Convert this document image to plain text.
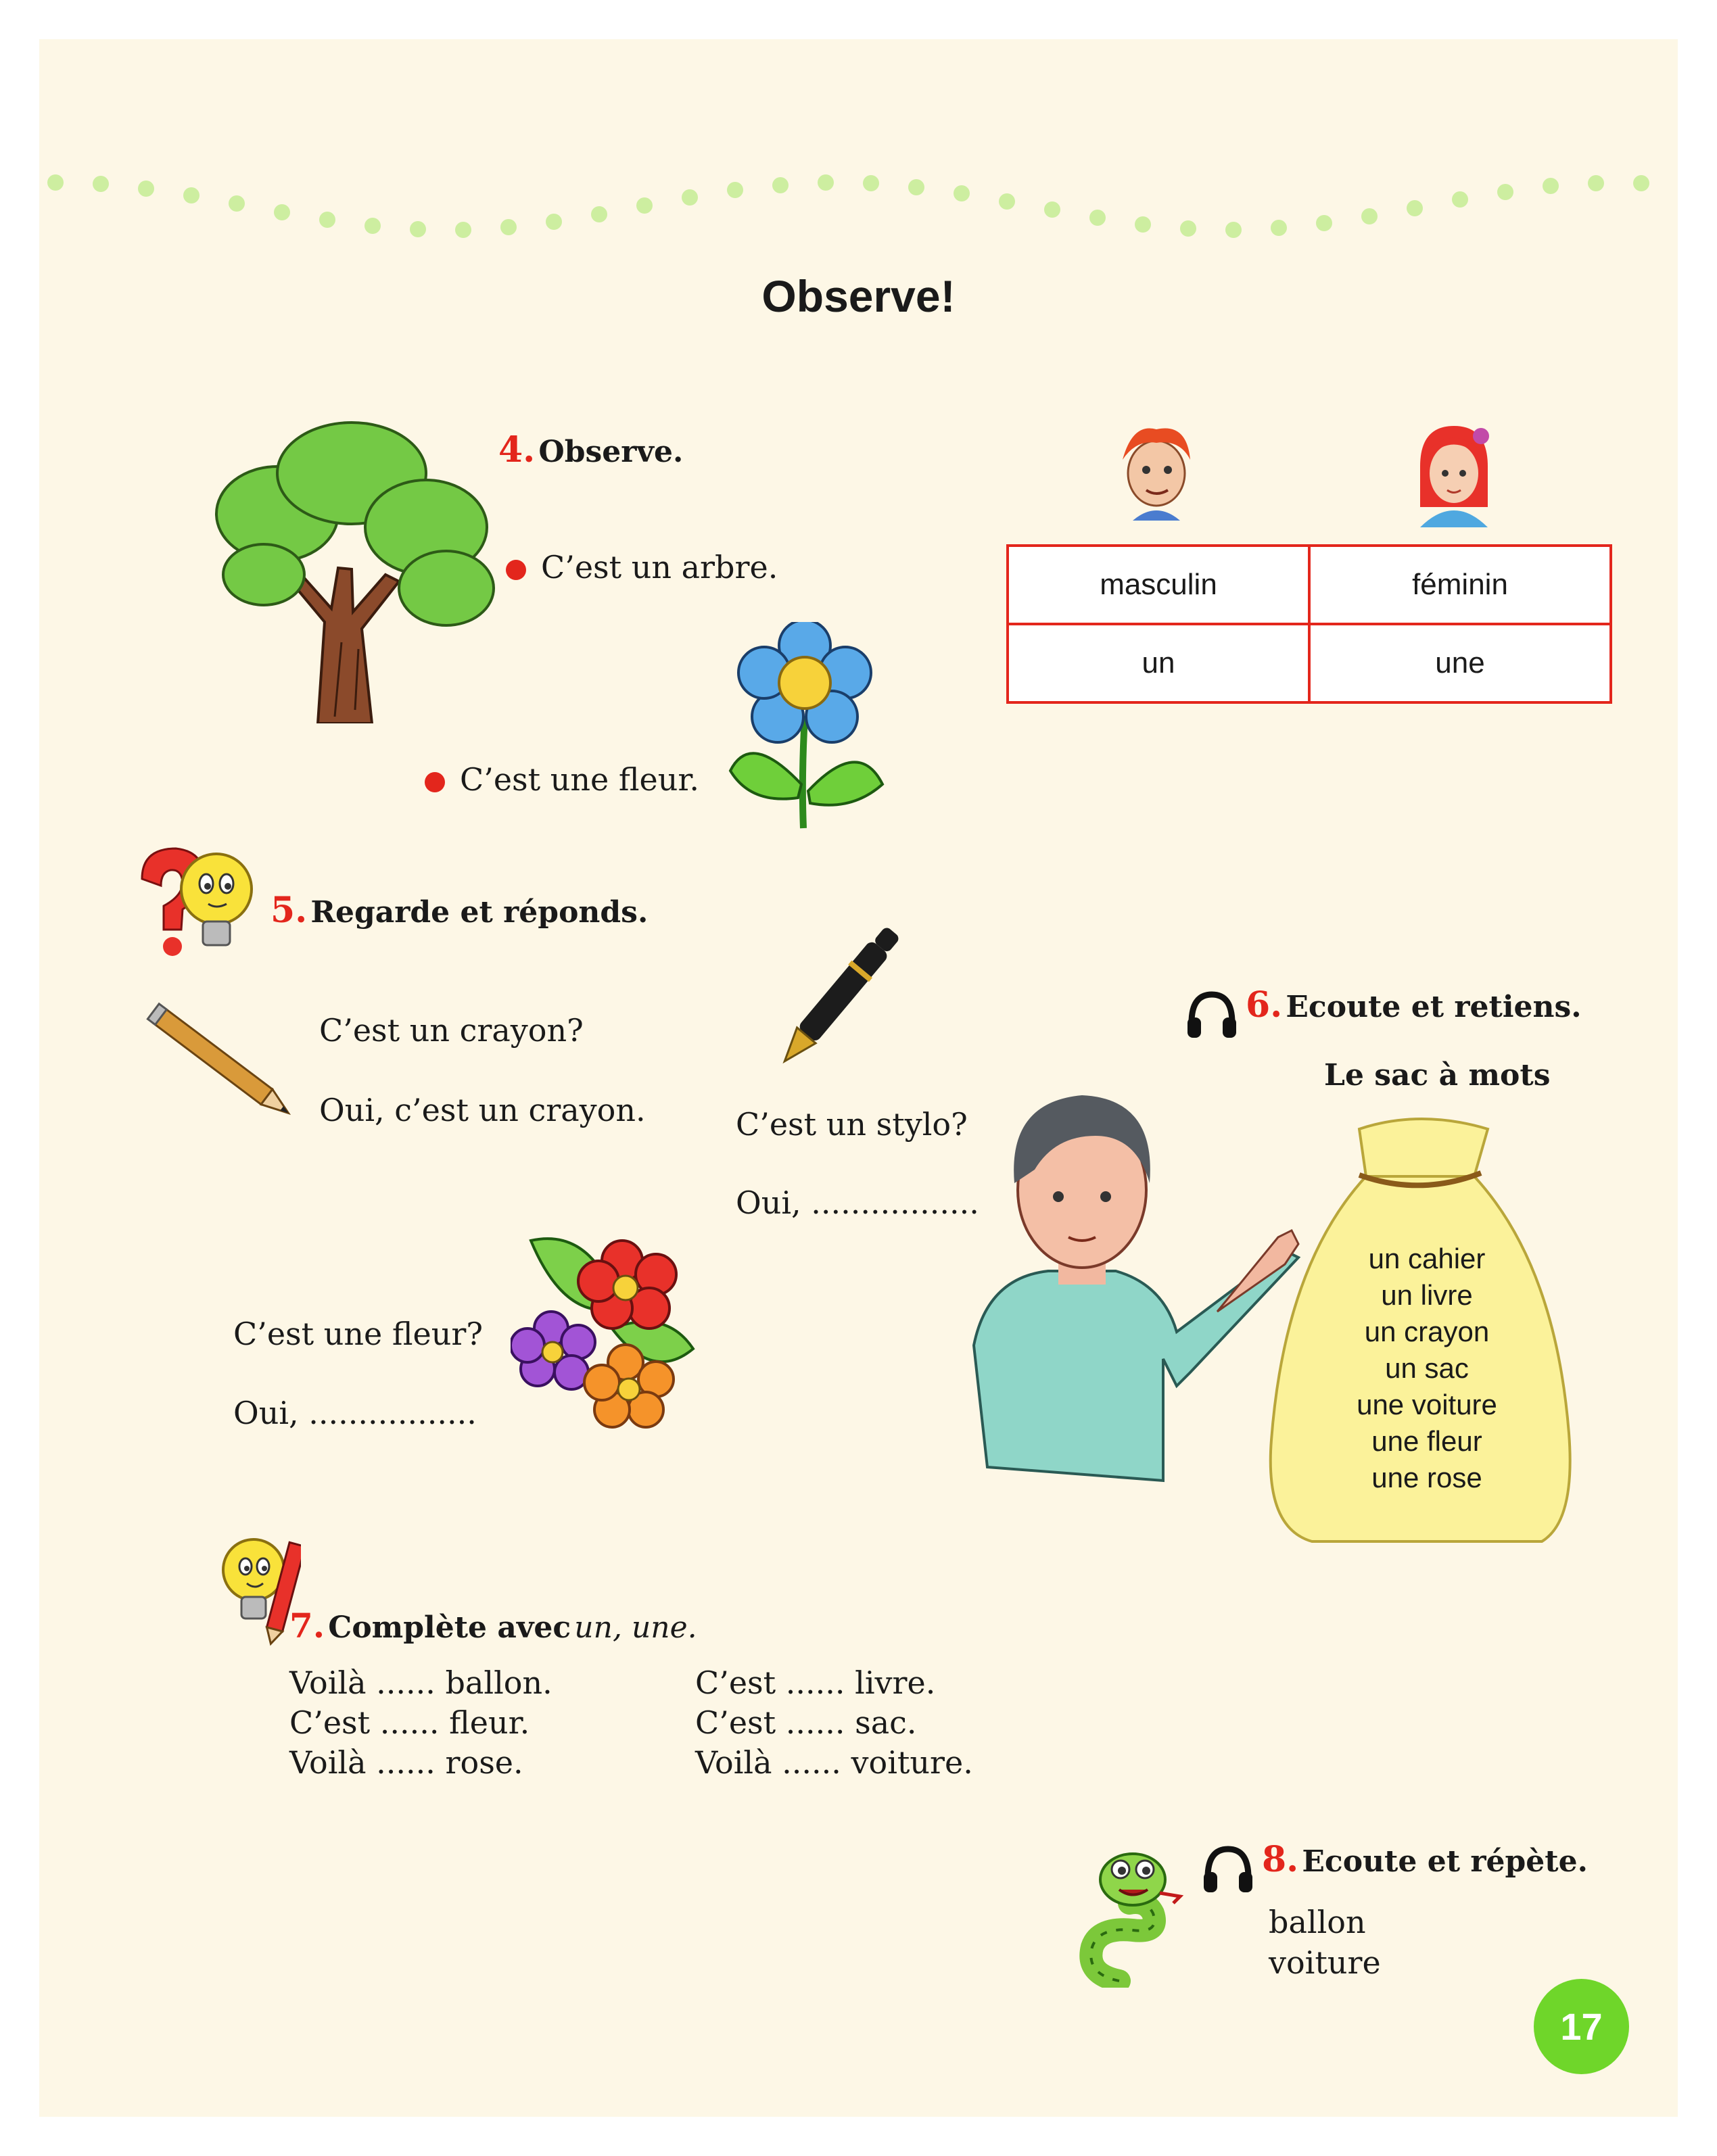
Observe!
4. Observe.
C’est un arbre.
C’est une fleur.
masculin	féminin
un	une
5. Regarde et réponds.
C’est un crayon?
Oui, c’est un crayon.	C’est un stylo?
Oui, .................
C’est une fleur?
Oui, .................
6. Ecoute et retiens.
Le sac à mots
un cahier
un livre
un crayon
un sac
une voiture
une fleur
une rose
7. Complète avec un, une.
Voilà ...... ballon.
C’est ...... fleur.
Voilà ...... rose.
C’est ...... livre.
C’est ...... sac.
Voilà ...... voiture.
8. Ecoute et répète.
ballon
voiture
17
